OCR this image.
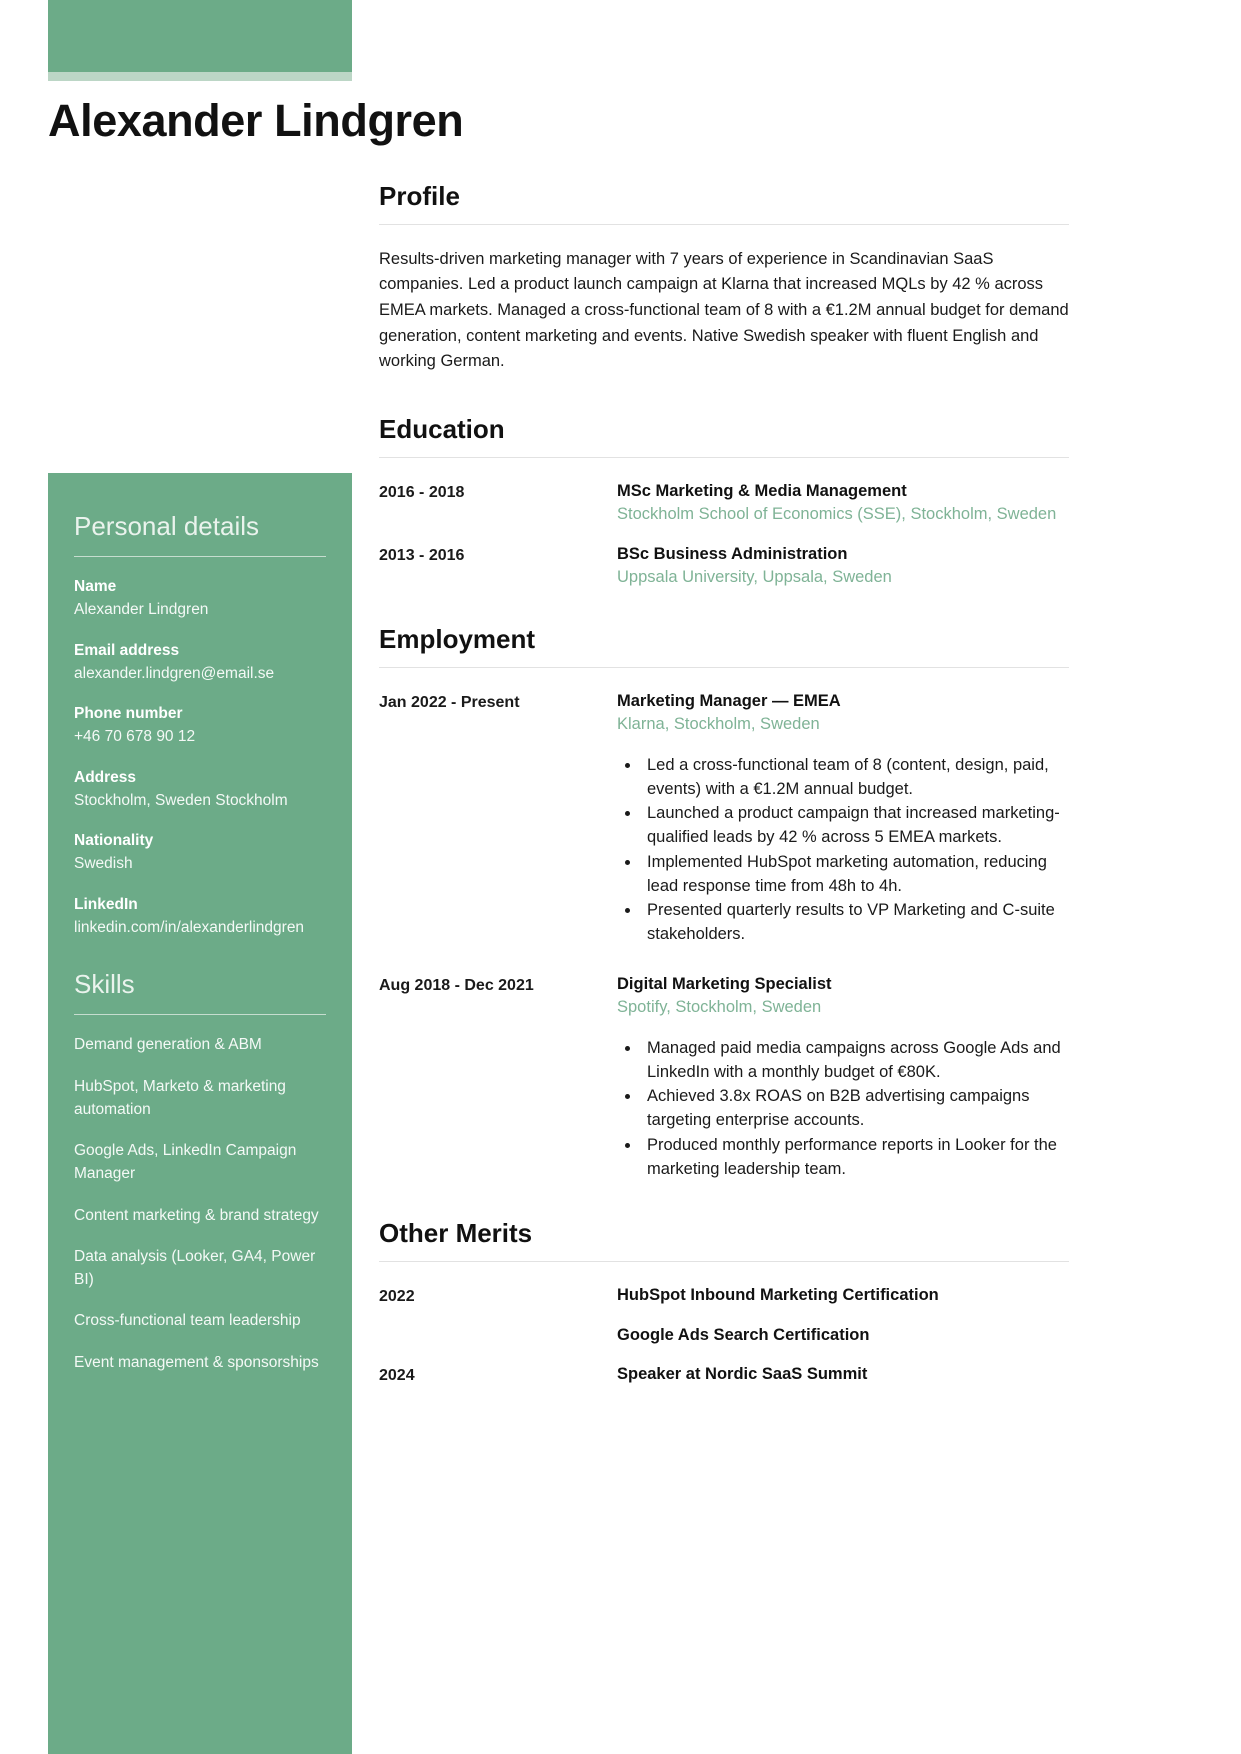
Alexander Lindgren
Personal details
Name
Alexander Lindgren
Email address
alexander.lindgren@email.se
Phone number
+46 70 678 90 12
Address
Stockholm, Sweden Stockholm
Nationality
Swedish
LinkedIn
linkedin.com/in/alexanderlindgren
Skills
Demand generation & ABM
HubSpot, Marketo & marketing automation
Google Ads, LinkedIn Campaign Manager
Content marketing & brand strategy
Data analysis (Looker, GA4, Power BI)
Cross-functional team leadership
Event management & sponsorships
Profile

Results-driven marketing manager with 7 years of experience in Scandinavian SaaS companies. Led a product launch campaign at Klarna that increased MQLs by 42 % across EMEA markets. Managed a cross-functional team of 8 with a €1.2M annual budget for demand generation, content marketing and events. Native Swedish speaker with fluent English and working German.

Education
2016 - 2018	MSc Marketing & Media Management
Stockholm School of Economics (SSE), Stockholm, Sweden
2013 - 2016	BSc Business Administration
Uppsala University, Uppsala, Sweden
Employment
Jan 2022 - Present	Marketing Manager — EMEA
Klarna, Stockholm, Sweden
• Led a cross-functional team of 8 (content, design, paid, events) with a €1.2M annual budget.
• Launched a product campaign that increased marketing-qualified leads by 42 % across 5 EMEA markets.
• Implemented HubSpot marketing automation, reducing lead response time from 48h to 4h.
• Presented quarterly results to VP Marketing and C-suite stakeholders.
Aug 2018 - Dec 2021	Digital Marketing Specialist
Spotify, Stockholm, Sweden
• Managed paid media campaigns across Google Ads and LinkedIn with a monthly budget of €80K.
• Achieved 3.8x ROAS on B2B advertising campaigns targeting enterprise accounts.
• Produced monthly performance reports in Looker for the marketing leadership team.
Other Merits
2022	HubSpot Inbound Marketing Certification
Google Ads Search Certification
2024	Speaker at Nordic SaaS Summit
